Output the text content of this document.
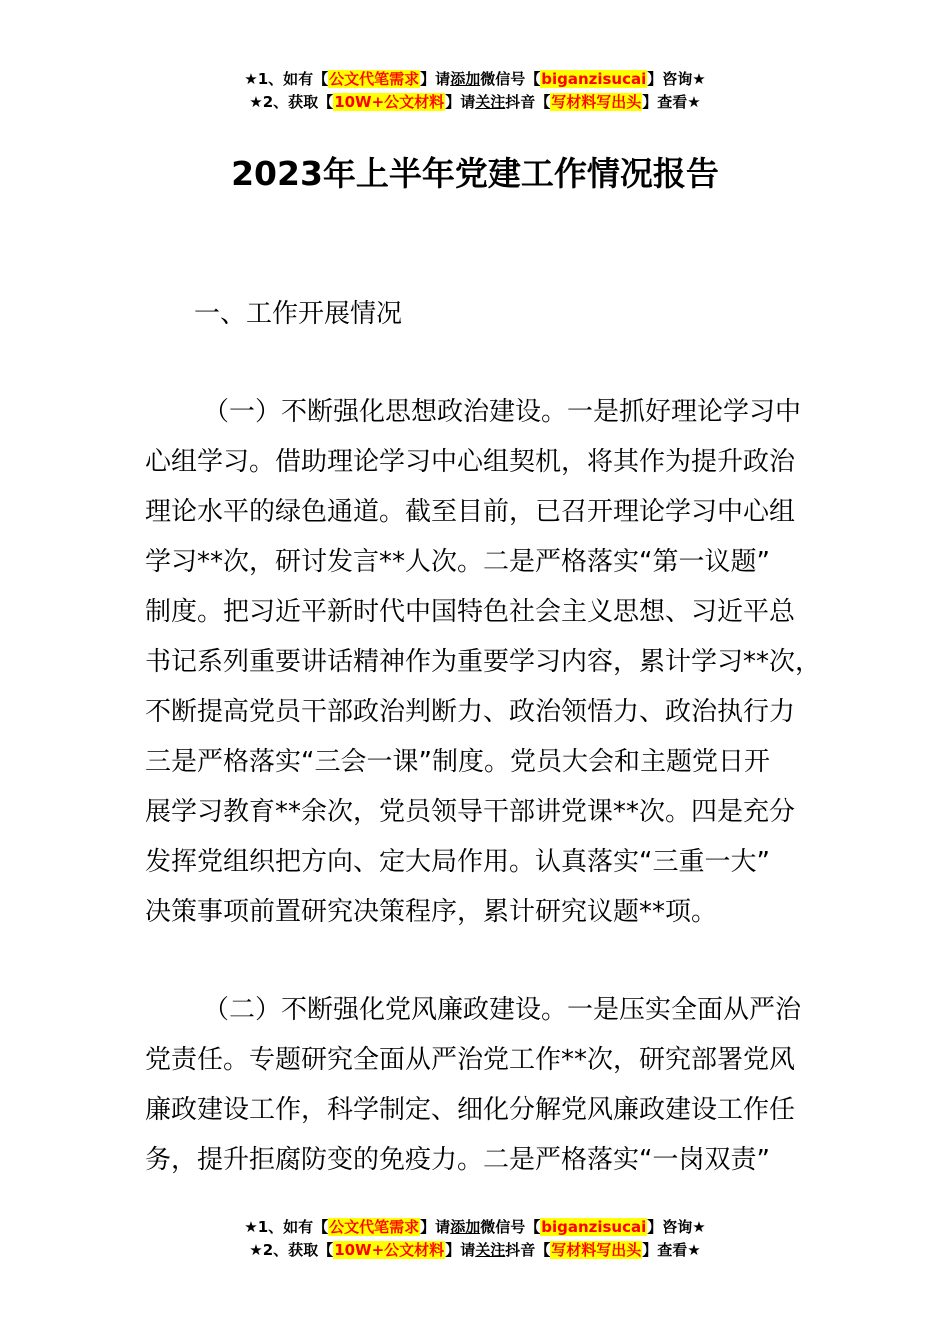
★1、如有【公文代笔需求】请添加微信号【biganzisucai】咨询★
★2、获取【10W+公文材料】请关注抖音【写材料写出头】查看★
2023年上半年党建工作情况报告
一、工作开展情况
（一）不断强化思想政治建设。一是抓好理论学习中
心组学习。借助理论学习中心组契机，将其作为提升政治
理论水平的绿色通道。截至目前，已召开理论学习中心组
学习**次，研讨发言**人次。二是严格落实“第一议题”
制度。把习近平新时代中国特色社会主义思想、习近平总
书记系列重要讲话精神作为重要学习内容，累计学习**次，
不断提高党员干部政治判断力、政治领悟力、政治执行力
三是严格落实“三会一课”制度。党员大会和主题党日开
展学习教育**余次，党员领导干部讲党课**次。四是充分
发挥党组织把方向、定大局作用。认真落实“三重一大”
决策事项前置研究决策程序，累计研究议题**项。
（二）不断强化党风廉政建设。一是压实全面从严治
党责任。专题研究全面从严治党工作**次，研究部署党风
廉政建设工作，科学制定、细化分解党风廉政建设工作任
务，提升拒腐防变的免疫力。二是严格落实“一岗双责”
★1、如有【公文代笔需求】请添加微信号【biganzisucai】咨询★
★2、获取【10W+公文材料】请关注抖音【写材料写出头】查看★
